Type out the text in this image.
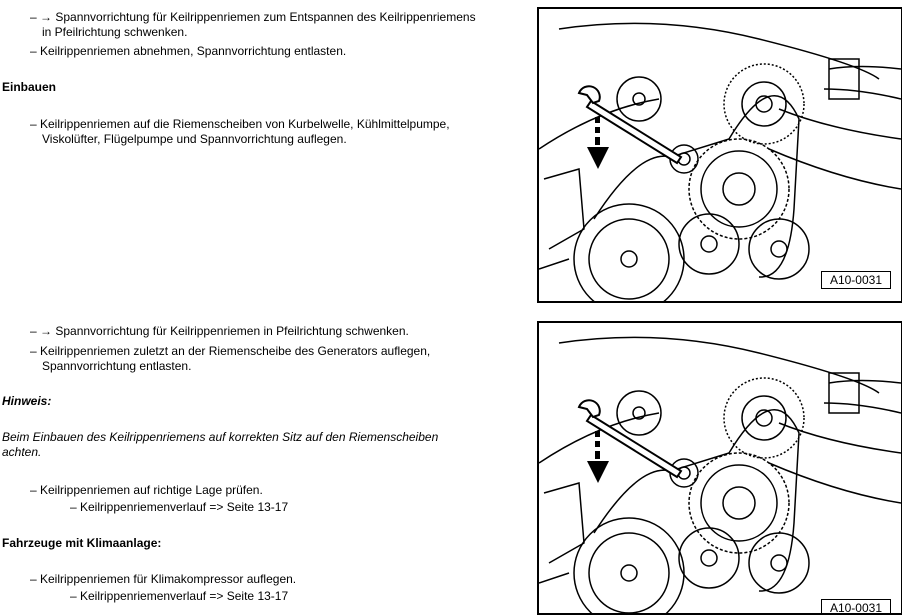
– → Spannvorrichtung für Keilrippenriemen zum Entspannen des Keilrippenriemens
in Pfeilrichtung schwenken.
– Keilrippenriemen abnehmen, Spannvorrichtung entlasten.
Einbauen
– Keilrippenriemen auf die Riemenscheiben von Kurbelwelle, Kühlmittelpumpe,
Viskolüfter, Flügelpumpe und Spannvorrichtung auflegen.
– → Spannvorrichtung für Keilrippenriemen in Pfeilrichtung schwenken.
– Keilrippenriemen zuletzt an der Riemenscheibe des Generators auflegen,
Spannvorrichtung entlasten.
Hinweis:
Beim Einbauen des Keilrippenriemens auf korrekten Sitz auf den Riemenscheiben
achten.
– Keilrippenriemen auf richtige Lage prüfen.
– Keilrippenriemenverlauf => Seite 13-17
Fahrzeuge mit Klimaanlage:
– Keilrippenriemen für Klimakompressor auflegen.
– Keilrippenriemenverlauf => Seite 13-17
A10-0031
A10-0031
